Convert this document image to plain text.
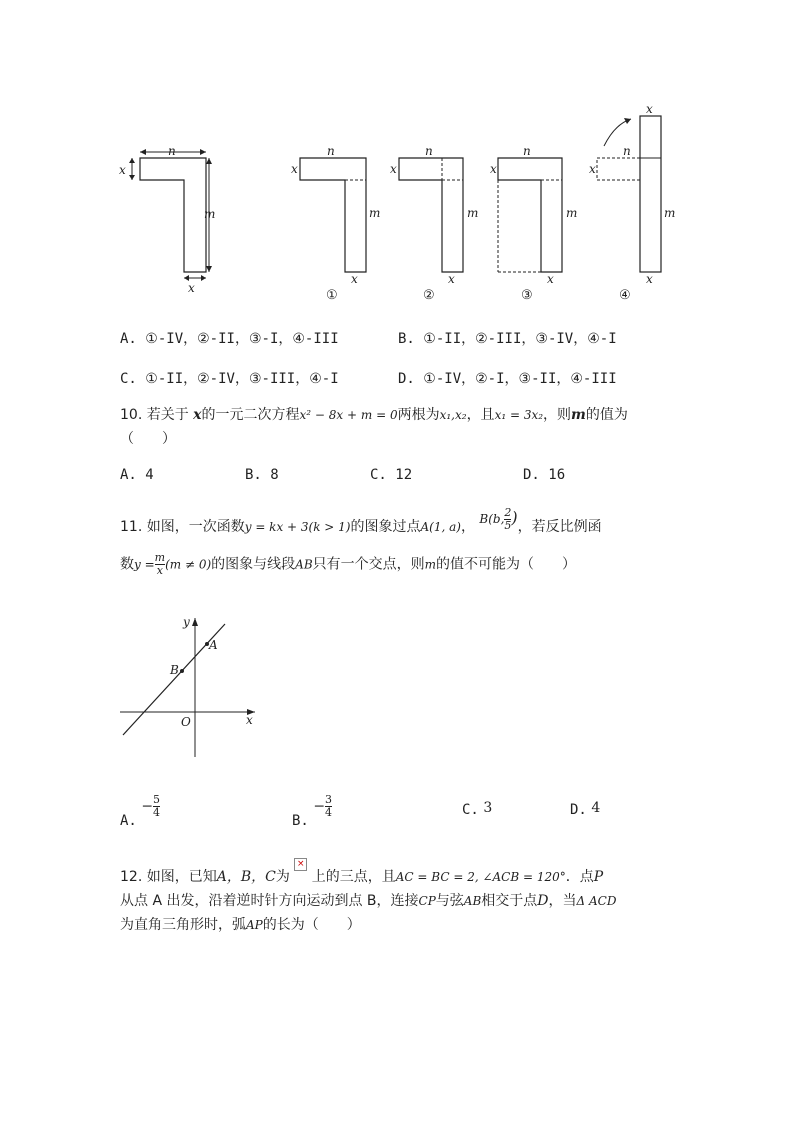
n
x
m
x
n
x
m
x
①
n
x
m
x
②
n
x
m
x
③
x
n
x
m
x
④
A. ①-IV，②-II，③-I，④-III	B. ①-II，②-III，③-IV，④-I
C. ①-II，②-IV，③-III，④-I	D. ①-IV，②-I，③-II，④-III
10. 若关于 x的一元二次方程x² − 8x + m = 0两根为x₁,x₂，且x₁ = 3x₂，则m的值为
（　　）
A. 4	B. 8	C. 12	D. 16
11. 如图，一次函数y = kx + 3(k > 1)的图象过点A(1, a)， B(b, $\frac{2}{5}$ )，若反比例函
数$y = \frac{m}{x} (m \ne 0)$的图象与线段AB只有一个交点，则m的值不可能为（　　）
y
x
O
A
B
A. − $\frac{5}{4}$
B. − $\frac{3}{4}$	C. 3	D. 4
12. 如图，已知A，B，C为 × 上的三点，且AC = BC = 2, ∠ACB = 120°．点P
从点 A 出发，沿着逆时针方向运动到点 B，连接CP与弦AB相交于点D，当Δ ACD
为直角三角形时，弧AP的长为（　　）
